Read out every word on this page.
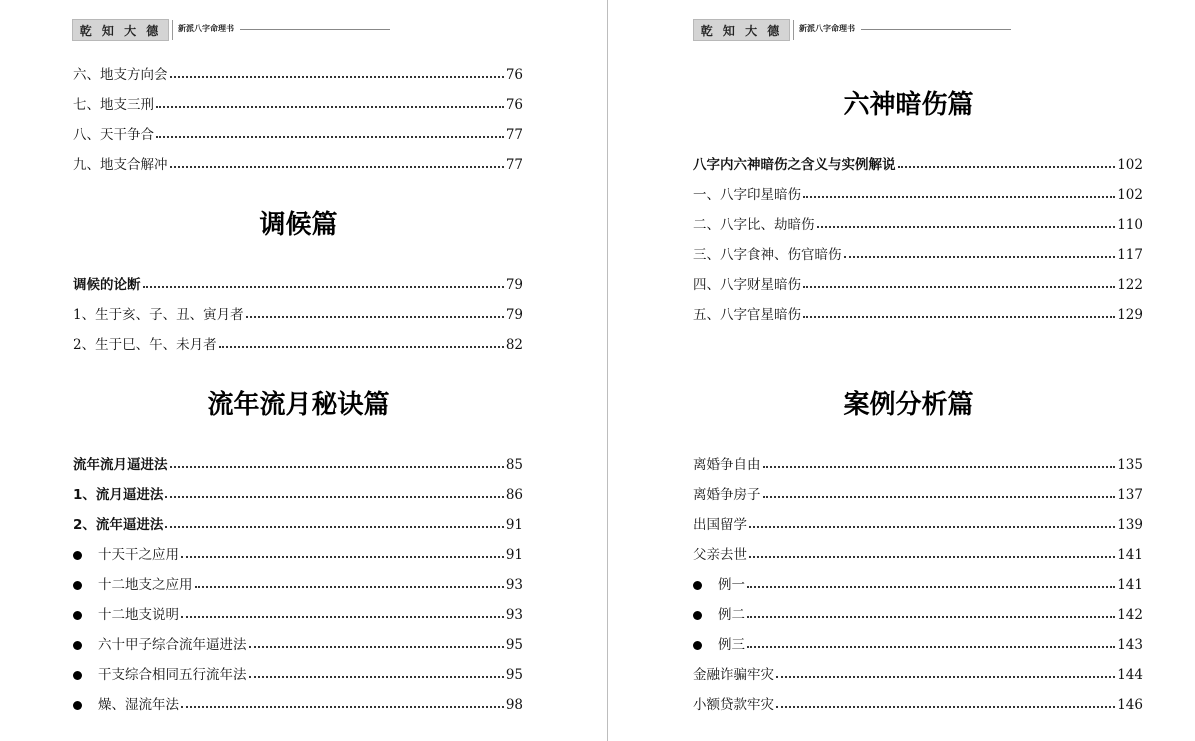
乾 知 大 德	新派八字命理书
六、地支方向会	76
七、地支三刑	76
八、天干争合	77
九、地支合解冲	77
调候篇
调候的论断	79
1、生于亥、子、丑、寅月者	79
2、生于巳、午、未月者	82
流年流月秘诀篇
流年流月逼进法	85
1、流月逼进法	86
2、流年逼进法	91
十天干之应用	91
十二地支之应用	93
十二地支说明	93
六十甲子综合流年逼进法	95
干支综合相同五行流年法	95
燥、湿流年法	98
乾 知 大 德	新派八字命理书
六神暗伤篇
八字内六神暗伤之含义与实例解说	102
一、八字印星暗伤	102
二、八字比、劫暗伤	110
三、八字食神、伤官暗伤	117
四、八字财星暗伤	122
五、八字官星暗伤	129
案例分析篇
离婚争自由	135
离婚争房子	137
出国留学	139
父亲去世	141
例一	141
例二	142
例三	143
金融诈骗牢灾	144
小额贷款牢灾	146
